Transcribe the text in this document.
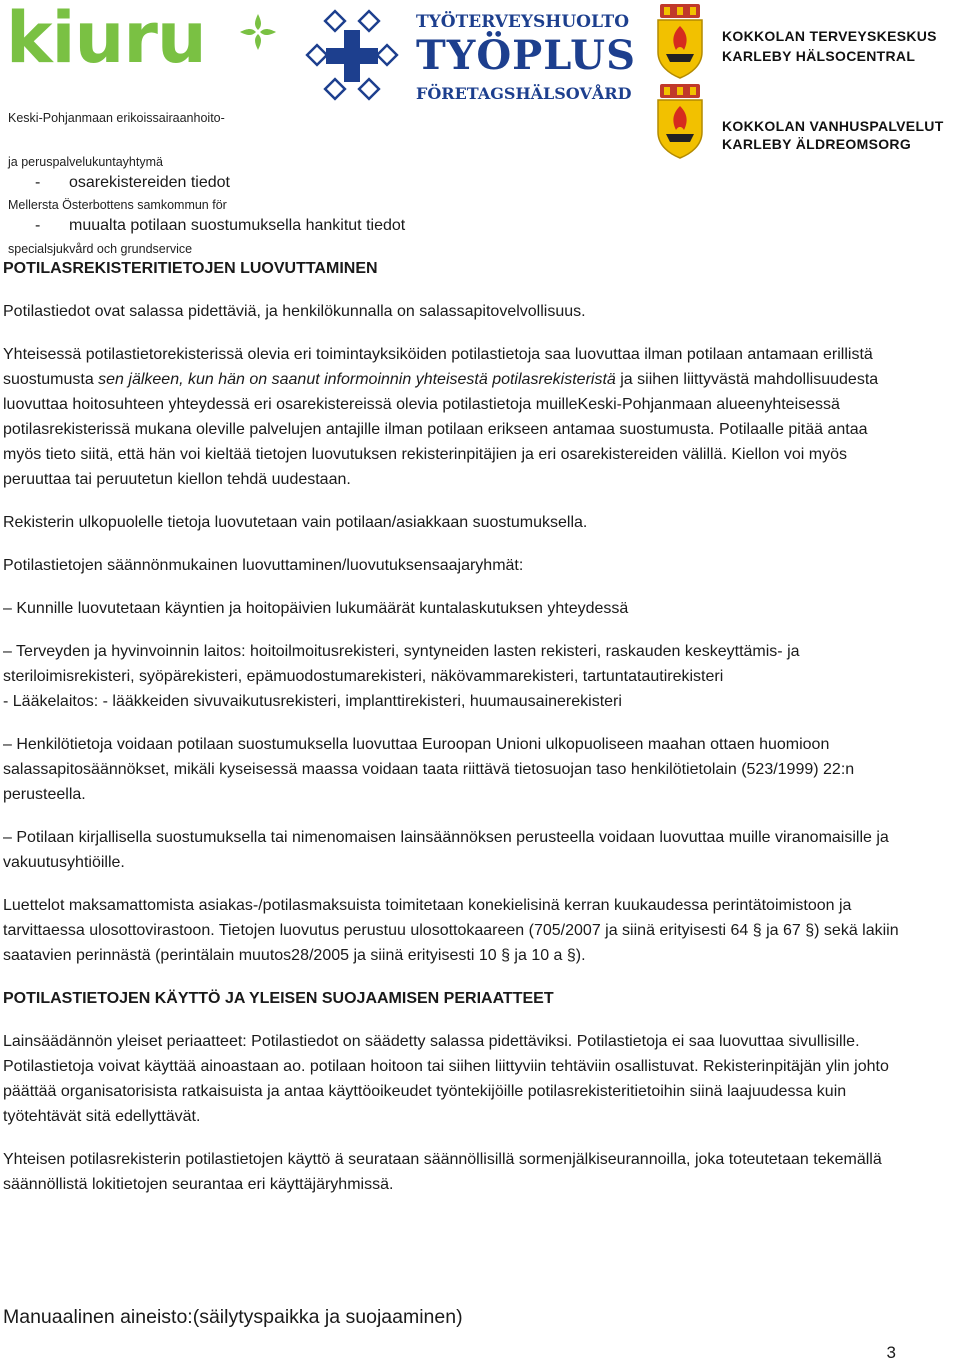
kiuru

Keski-Pohjanmaan erikoissairaanhoito-

ja peruspalvelukuntayhtymä

Mellersta Österbottens samkommun för

specialsjukvård och grundservice

TYÖTERVEYSHUOLTO
TYÖPLUS
FÖRETAGSHÄLSOVÅRD
KOKKOLAN TERVEYSKESKUS
KARLEBY HÄLSOCENTRAL
KOKKOLAN VANHUSPALVELUT
KARLEBY ÄLDREOMSORG
- osarekistereiden tiedot
- muualta potilaan suostumuksella hankitut tiedot
POTILASREKISTERITIETOJEN LUOVUTTAMINEN

Potilastiedot ovat salassa pidettäviä, ja henkilökunnalla on salassapitovelvollisuus.

Yhteisessä potilastietorekisterissä olevia eri toimintayksiköiden potilastietoja saa luovuttaa ilman potilaan antamaan erillistä suostumusta sen jälkeen, kun hän on saanut informoinnin yhteisestä potilasrekisteristä ja siihen liittyvästä mahdollisuudesta luovuttaa hoitosuhteen yhteydessä eri osarekistereissä olevia potilastietoja muilleKeski-Pohjanmaan alueenyhteisessä potilasrekisterissä mukana oleville palvelujen antajille ilman potilaan erikseen antamaa suostumusta. Potilaalle pitää antaa myös tieto siitä, että hän voi kieltää tietojen luovutuksen rekisterinpitäjien ja eri osarekistereiden välillä. Kiellon voi myös peruuttaa tai peruutetun kiellon tehdä uudestaan.

Rekisterin ulkopuolelle tietoja luovutetaan vain potilaan/asiakkaan suostumuksella.

Potilastietojen säännönmukainen luovuttaminen/luovutuksensaajaryhmät:

– Kunnille luovutetaan käyntien ja hoitopäivien lukumäärät kuntalaskutuksen yhteydessä

– Terveyden ja hyvinvoinnin laitos: hoitoilmoitusrekisteri, syntyneiden lasten rekisteri, raskauden keskeyttämis- ja steriloimisrekisteri, syöpärekisteri, epämuodostumarekisteri, näkövammarekisteri, tartuntatautirekisteri

- Lääkelaitos: - lääkkeiden sivuvaikutusrekisteri, implanttirekisteri, huumausainerekisteri

– Henkilötietoja voidaan potilaan suostumuksella luovuttaa Euroopan Unioni ulkopuoliseen maahan ottaen huomioon salassapitosäännökset, mikäli kyseisessä maassa voidaan taata riittävä tietosuojan taso henkilötietolain (523/1999) 22:n perusteella.

– Potilaan kirjallisella suostumuksella tai nimenomaisen lainsäännöksen perusteella voidaan luovuttaa muille viranomaisille ja vakuutusyhtiöille.

Luettelot maksamattomista asiakas-/potilasmaksuista toimitetaan konekielisinä kerran kuukaudessa perintätoimistoon ja tarvittaessa ulosottovirastoon. Tietojen luovutus perustuu ulosottokaareen (705/2007 ja siinä erityisesti 64 § ja 67 §) sekä lakiin saatavien perinnästä (perintälain muutos28/2005 ja siinä erityisesti 10 § ja 10 a §).

POTILASTIETOJEN KÄYTTÖ JA YLEISEN SUOJAAMISEN PERIAATTEET

Lainsäädännön yleiset periaatteet: Potilastiedot on säädetty salassa pidettäviksi. Potilastietoja ei saa luovuttaa sivullisille. Potilastietoja voivat käyttää ainoastaan ao. potilaan hoitoon tai siihen liittyviin tehtäviin osallistuvat. Rekisterinpitäjän ylin johto päättää organisatorisista ratkaisuista ja antaa käyttöoikeudet työntekijöille potilasrekisteritietoihin siinä laajuudessa kuin työtehtävät sitä edellyttävät.

Yhteisen potilasrekisterin potilastietojen käyttö ä seurataan säännöllisillä sormenjälkiseurannoilla, joka toteutetaan tekemällä säännöllistä lokitietojen seurantaa eri käyttäjäryhmissä.

Manuaalinen aineisto:(säilytyspaikka ja suojaaminen)
3
